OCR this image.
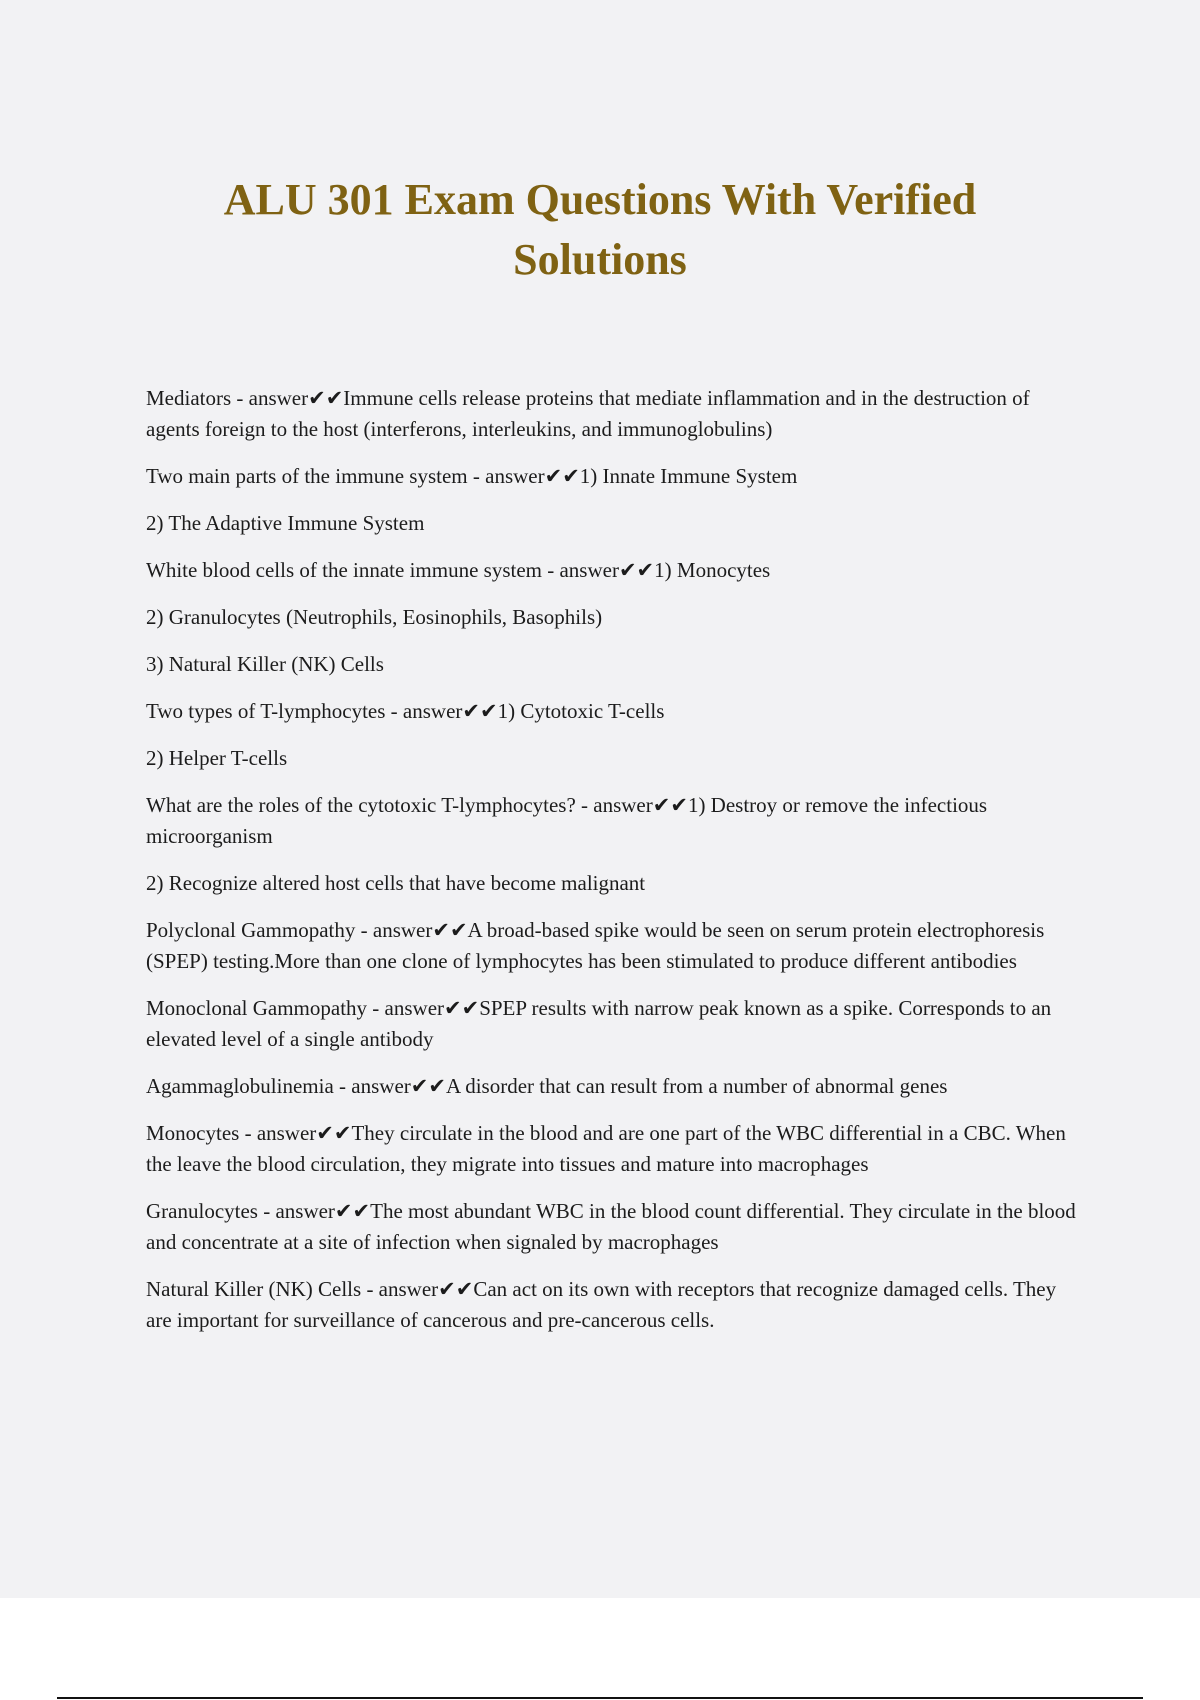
ALU 301 Exam Questions With Verified
Solutions

Mediators - answer✔✔Immune cells release proteins that mediate inflammation and in the destruction of agents foreign to the host (interferons, interleukins, and immunoglobulins)

Two main parts of the immune system - answer✔✔1) Innate Immune System

2) The Adaptive Immune System

White blood cells of the innate immune system - answer✔✔1) Monocytes

2) Granulocytes (Neutrophils, Eosinophils, Basophils)

3) Natural Killer (NK) Cells

Two types of T-lymphocytes - answer✔✔1) Cytotoxic T-cells

2) Helper T-cells

What are the roles of the cytotoxic T-lymphocytes? - answer✔✔1) Destroy or remove the infectious microorganism

2) Recognize altered host cells that have become malignant

Polyclonal Gammopathy - answer✔✔A broad-based spike would be seen on serum protein electrophoresis (SPEP) testing.More than one clone of lymphocytes has been stimulated to produce different antibodies

Monoclonal Gammopathy - answer✔✔SPEP results with narrow peak known as a spike. Corresponds to an elevated level of a single antibody

Agammaglobulinemia - answer✔✔A disorder that can result from a number of abnormal genes

Monocytes - answer✔✔They circulate in the blood and are one part of the WBC differential in a CBC. When the leave the blood circulation, they migrate into tissues and mature into macrophages

Granulocytes - answer✔✔The most abundant WBC in the blood count differential. They circulate in the blood and concentrate at a site of infection when signaled by macrophages

Natural Killer (NK) Cells - answer✔✔Can act on its own with receptors that recognize damaged cells. They are important for surveillance of cancerous and pre-cancerous cells.
